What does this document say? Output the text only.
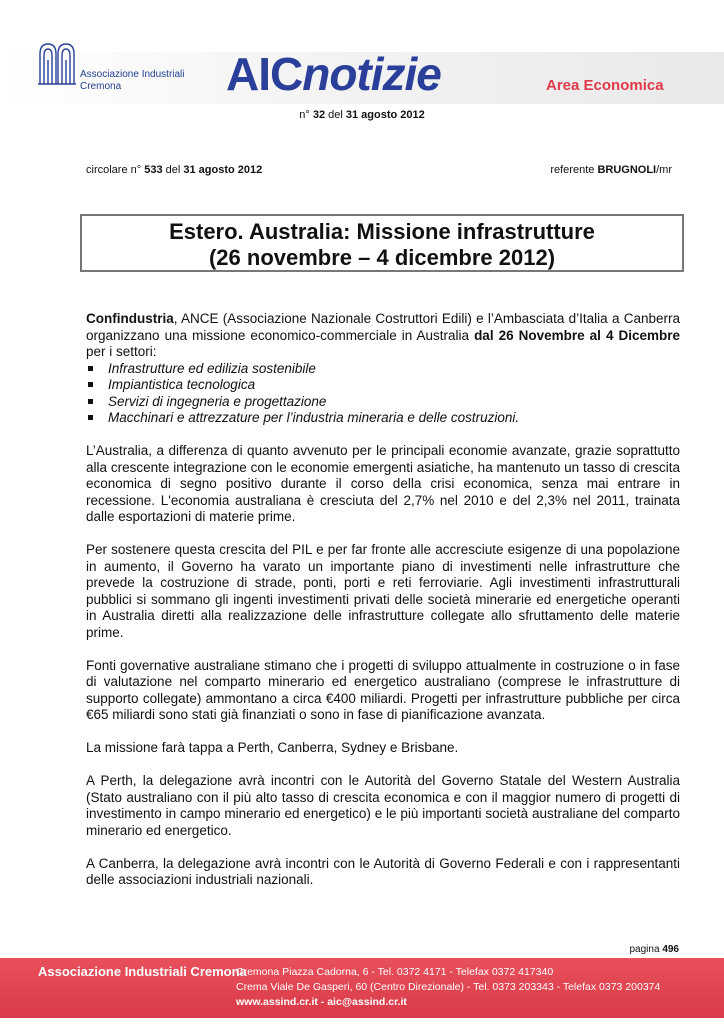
Associazione Industriali
Cremona	AICnotizie	Area Economica
n° 32 del 31 agosto 2012
circolare n° 533 del 31 agosto 2012	referente BRUGNOLI/mr
Estero. Australia: Missione infrastrutture
(26 novembre – 4 dicembre 2012)

Confindustria, ANCE (Associazione Nazionale Costruttori Edili) e l’Ambasciata d’Italia a Canberra organizzano una missione economico-commerciale in Australia dal 26 Novembre al 4 Dicembre per i settori:

Infrastrutture ed edilizia sostenibile
Impiantistica tecnologica
Servizi di ingegneria e progettazione
Macchinari e attrezzature per l’industria mineraria e delle costruzioni.

L’Australia, a differenza di quanto avvenuto per le principali economie avanzate, grazie soprattutto alla crescente integrazione con le economie emergenti asiatiche, ha mantenuto un tasso di crescita economica di segno positivo durante il corso della crisi economica, senza mai entrare in recessione. L'economia australiana è cresciuta del 2,7% nel 2010 e del 2,3% nel 2011, trainata dalle esportazioni di materie prime.

Per sostenere questa crescita del PIL e per far fronte alle accresciute esigenze di una popolazione in aumento, il Governo ha varato un importante piano di investimenti nelle infrastrutture che prevede la costruzione di strade, ponti, porti e reti ferroviarie. Agli investimenti infrastrutturali pubblici si sommano gli ingenti investimenti privati delle società minerarie ed energetiche operanti in Australia diretti alla realizzazione delle infrastrutture collegate allo sfruttamento delle materie prime.

Fonti governative australiane stimano che i progetti di sviluppo attualmente in costruzione o in fase di valutazione nel comparto minerario ed energetico australiano (comprese le infrastrutture di supporto collegate) ammontano a circa €400 miliardi. Progetti per infrastrutture pubbliche per circa €65 miliardi sono stati già finanziati o sono in fase di pianificazione avanzata.

La missione farà tappa a Perth, Canberra, Sydney e Brisbane.

A Perth, la delegazione avrà incontri con le Autorità del Governo Statale del Western Australia (Stato australiano con il più alto tasso di crescita economica e con il maggior numero di progetti di investimento in campo minerario ed energetico) e le più importanti società australiane del comparto minerario ed energetico.

A Canberra, la delegazione avrà incontri con le Autorità di Governo Federali e con i rappresentanti delle associazioni industriali nazionali.

pagina 496
Associazione Industriali Cremona
Cremona Piazza Cadorna, 6 - Tel. 0372 4171 - Telefax 0372 417340
Crema Viale De Gasperi, 60 (Centro Direzionale) - Tel. 0373 203343 - Telefax 0373 200374
www.assind.cr.it - aic@assind.cr.it
